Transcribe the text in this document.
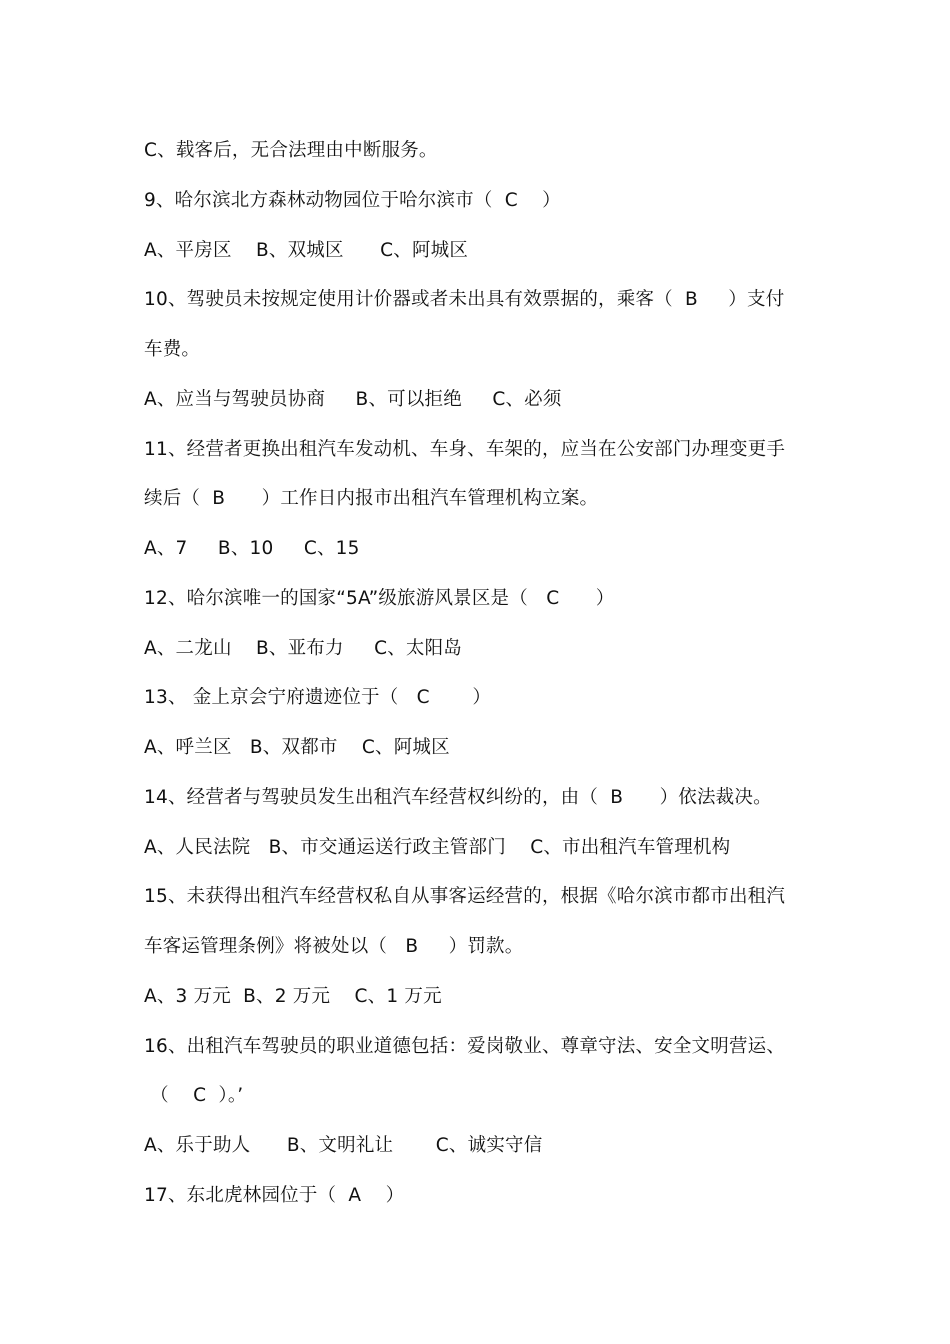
C、载客后，无合法理由中断服务。
9、哈尔滨北方森林动物园位于哈尔滨市（  C    ）
A、平房区    B、双城区      C、阿城区
10、驾驶员未按规定使用计价器或者未出具有效票据的，乘客（  B     ）支付
车费。
A、应当与驾驶员协商     B、可以拒绝     C、必须
11、经营者更换出租汽车发动机、车身、车架的，应当在公安部门办理变更手
续后（  B      ）工作日内报市出租汽车管理机构立案。
A、7     B、10     C、15
12、哈尔滨唯一的国家“5A”级旅游风景区是（   C      ）
A、二龙山    B、亚布力     C、太阳岛
13、 金上京会宁府遗迹位于（   C       ）
A、呼兰区   B、双都市    C、阿城区
14、经营者与驾驶员发生出租汽车经营权纠纷的，由（  B      ）依法裁决。
A、人民法院   B、市交通运送行政主管部门    C、市出租汽车管理机构
15、未获得出租汽车经营权私自从事客运经营的，根据《哈尔滨市都市出租汽
车客运管理条例》将被处以（   B     ）罚款。
A、3 万元  B、2 万元    C、1 万元
16、出租汽车驾驶员的职业道德包括：爱岗敬业、尊章守法、安全文明营运、
（    C  ）。’
A、乐于助人      B、文明礼让       C、诚实守信
17、东北虎林园位于（  A    ）
